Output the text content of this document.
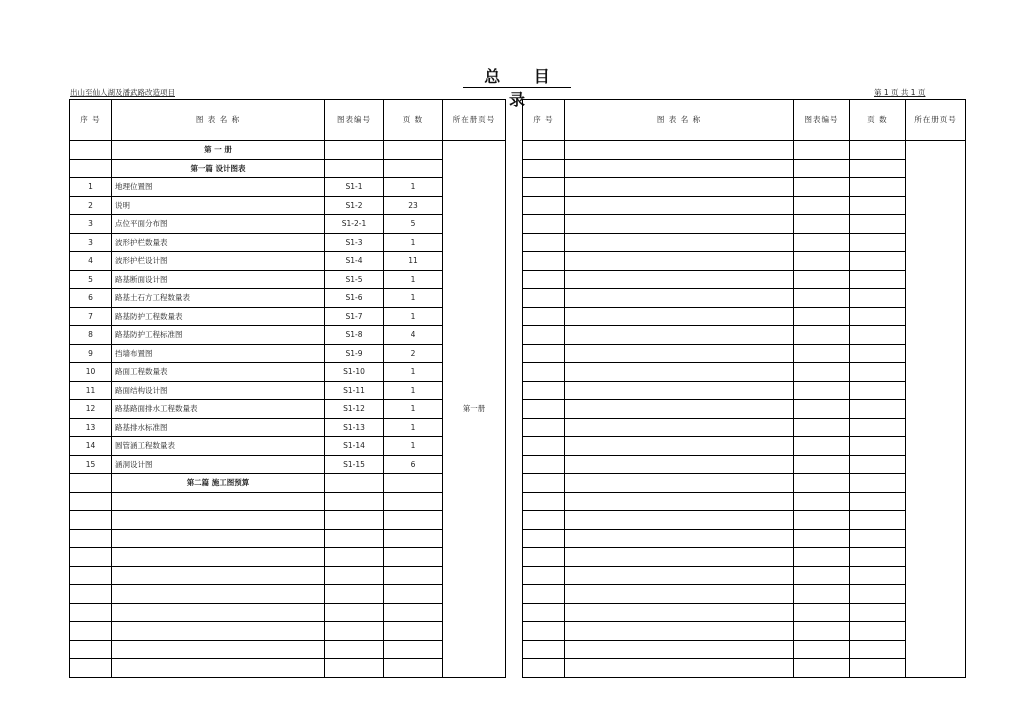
总 目 录
出山至仙人湖及潘武路改造项目	第 1 页 共 1 页
序 号	图 表 名 称	图表编号	页 数	所在册页号
	第 一 册			第一册
	第一篇 设计图表			
1	地理位置图	S1-1	1	
2	说明	S1-2	23	
3	点位平面分布图	S1-2-1	5	
3	波形护栏数量表	S1-3	1	
4	波形护栏设计图	S1-4	11	
5	路基断面设计图	S1-5	1	
6	路基土石方工程数量表	S1-6	1	
7	路基防护工程数量表	S1-7	1	
8	路基防护工程标准图	S1-8	4	
9	挡墙布置图	S1-9	2	
10	路面工程数量表	S1-10	1	
11	路面结构设计图	S1-11	1	
12	路基路面排水工程数量表	S1-12	1	
13	路基排水标准图	S1-13	1	
14	圆管涵工程数量表	S1-14	1	
15	涵洞设计图	S1-15	6	
	第二篇 施工图预算			

序 号	图 表 名 称	图表编号	页 数	所在册页号
